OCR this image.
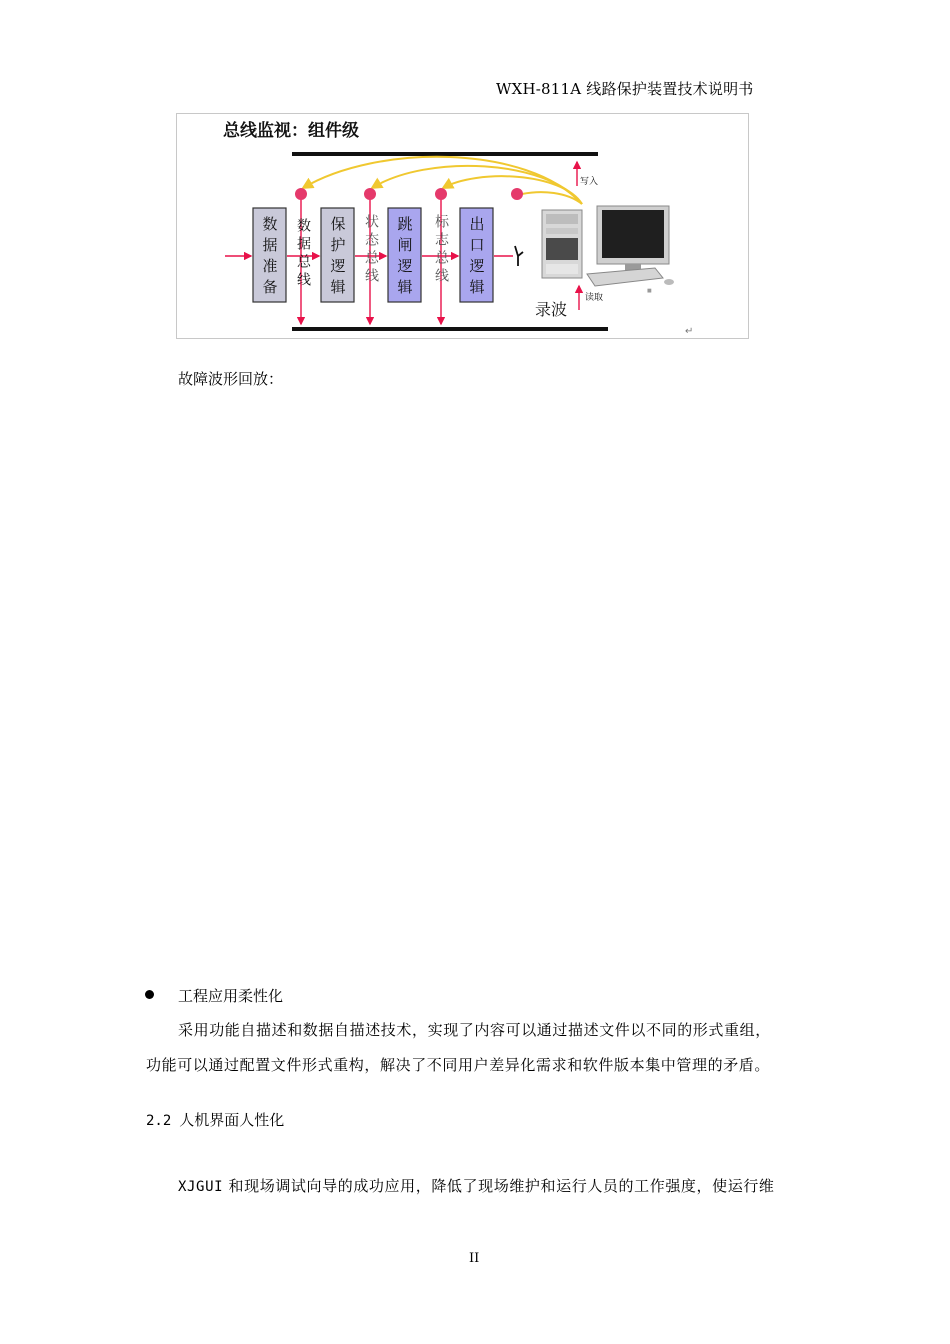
WXH-811A 线路保护装置技术说明书
总线监视：组件级
数据准备	保护逻辑	跳闸逻辑	出口逻辑
数据总线	状态总线	标志总线
写入
读取
录波
■
↵
故障波形回放：
工程应用柔性化
采用功能自描述和数据自描述技术，实现了内容可以通过描述文件以不同的形式重组，
功能可以通过配置文件形式重构，解决了不同用户差异化需求和软件版本集中管理的矛盾。
2.2 人机界面人性化
XJGUI 和现场调试向导的成功应用，降低了现场维护和运行人员的工作强度，使运行维
II
